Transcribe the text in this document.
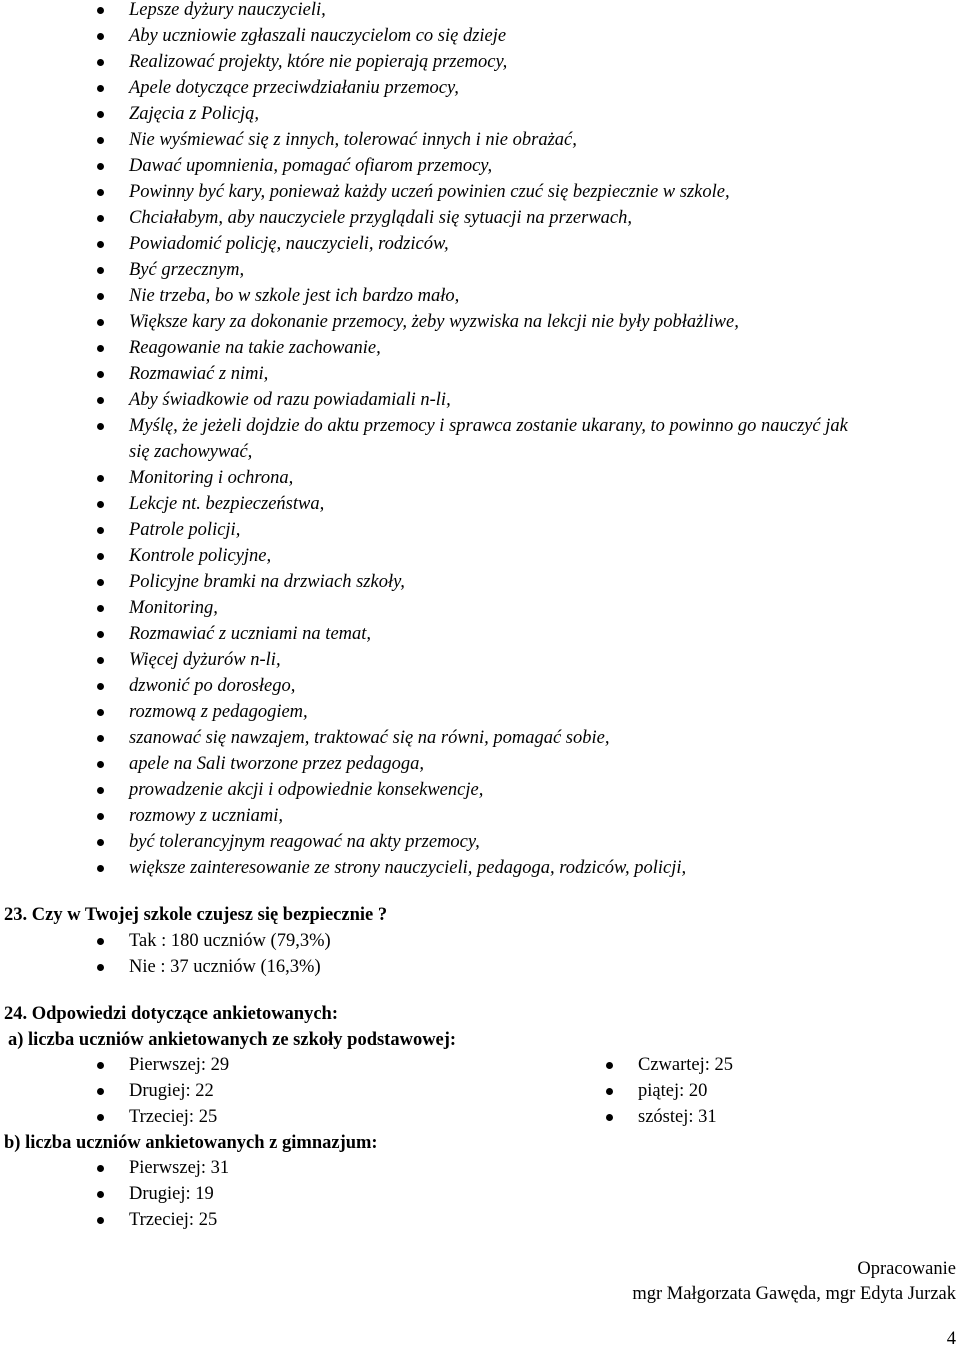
Lepsze dyżury nauczycieli,
Aby uczniowie zgłaszali nauczycielom co się dzieje
Realizować projekty, które nie popierają przemocy,
Apele dotyczące przeciwdziałaniu przemocy,
Zajęcia z Policją,
Nie wyśmiewać się z innych, tolerować innych i nie obrażać,
Dawać upomnienia, pomagać ofiarom przemocy,
Powinny być kary, ponieważ każdy uczeń powinien czuć się bezpiecznie w szkole,
Chciałabym, aby nauczyciele przyglądali się sytuacji na przerwach,
Powiadomić policję, nauczycieli, rodziców,
Być grzecznym,
Nie trzeba, bo w szkole jest ich bardzo mało,
Większe kary za dokonanie przemocy, żeby wyzwiska na lekcji nie były pobłażliwe,
Reagowanie na takie zachowanie,
Rozmawiać z nimi,
Aby świadkowie od razu powiadamiali n-li,
Myślę, że jeżeli dojdzie do aktu przemocy i sprawca zostanie ukarany, to powinno go nauczyć jak
się zachowywać,
Monitoring i ochrona,
Lekcje nt. bezpieczeństwa,
Patrole policji,
Kontrole policyjne,
Policyjne bramki na drzwiach szkoły,
Monitoring,
Rozmawiać z uczniami na temat,
Więcej dyżurów n-li,
dzwonić po dorosłego,
rozmową z pedagogiem,
szanować się nawzajem, traktować się na równi, pomagać sobie,
apele na Sali tworzone przez pedagoga,
prowadzenie akcji i odpowiednie konsekwencje,
rozmowy z uczniami,
być tolerancyjnym reagować na akty przemocy,
większe zainteresowanie ze strony nauczycieli, pedagoga, rodziców, policji,
23. Czy w Twojej szkole czujesz się bezpiecznie ?
Tak : 180 uczniów (79,3%)
Nie : 37 uczniów (16,3%)
24. Odpowiedzi dotyczące ankietowanych:
a) liczba uczniów ankietowanych ze szkoły podstawowej:
Pierwszej: 29
Drugiej: 22
Trzeciej: 25
Czwartej: 25
piątej: 20
szóstej: 31
b) liczba uczniów ankietowanych z gimnazjum:
Pierwszej: 31
Drugiej: 19
Trzeciej: 25
Opracowanie
mgr Małgorzata Gawęda, mgr Edyta Jurzak
4
